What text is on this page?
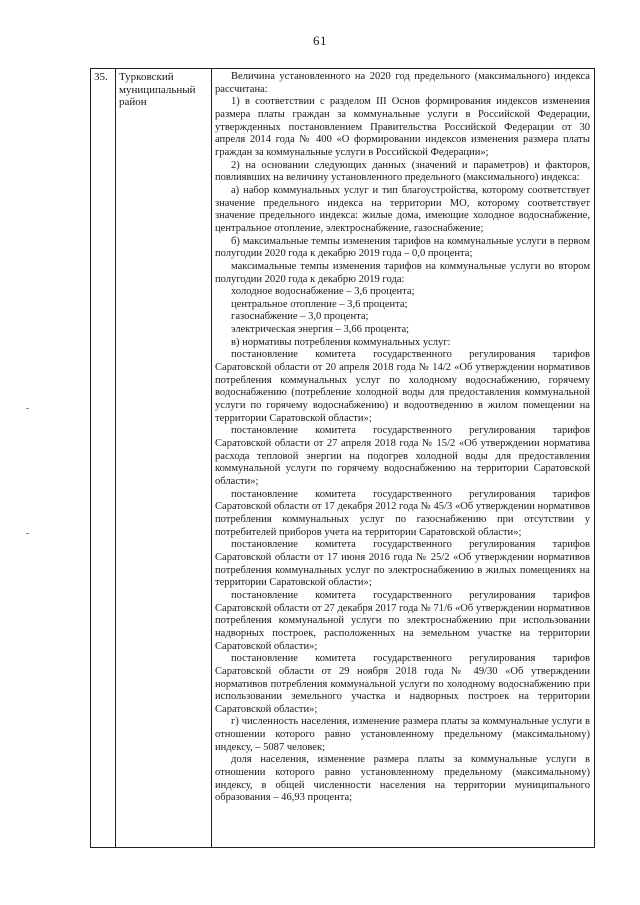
61
35.	Турковский муниципальный район

Величина установленного на 2020 год предельного (максимального) индекса рассчитана:

1) в соответствии с разделом III Основ формирования индексов изменения размера платы граждан за коммунальные услуги в Российской Федерации, утвержденных постановлением Правительства Российской Федерации от 30 апреля 2014 года № 400 «О формировании индексов изменения размера платы граждан за коммунальные услуги в Российской Федерации»;

2) на основании следующих данных (значений и параметров) и факторов, повлиявших на величину установленного предельного (максимального) индекса:

а) набор коммунальных услуг и тип благоустройства, которому соответствует значение предельного индекса на территории МО, которому соответствует значение предельного индекса: жилые дома, имеющие холодное водоснабжение, центральное отопление, электроснабжение, газоснабжение;

б) максимальные темпы изменения тарифов на коммунальные услуги в первом полугодии 2020 года к декабрю 2019 года – 0,0 процента;

максимальные темпы изменения тарифов на коммунальные услуги во втором полугодии 2020 года к декабрю 2019 года:

холодное водоснабжение – 3,6 процента;

центральное отопление – 3,6 процента;

газоснабжение – 3,0 процента;

электрическая энергия – 3,66 процента;

в) нормативы потребления коммунальных услуг:

постановление комитета государственного регулирования тарифов Саратовской области от 20 апреля 2018 года № 14/2 «Об утверждении нормативов потребления коммунальных услуг по холодному водоснабжению, горячему водоснабжению (потребление холодной воды для предоставления коммунальной услуги по горячему водоснабжению) и водоотведению в жилом помещении на территории Саратовской области»;

постановление комитета государственного регулирования тарифов Саратовской области от 27 апреля 2018 года № 15/2 «Об утверждении норматива расхода тепловой энергии на подогрев холодной воды для предоставления коммунальной услуги по горячему водоснабжению на территории Саратовской области»;

постановление комитета государственного регулирования тарифов Саратовской области от 17 декабря 2012 года № 45/3 «Об утверждении нормативов потребления коммунальных услуг по газоснабжению при отсутствии у потребителей приборов учета на территории Саратовской области»;

постановление комитета государственного регулирования тарифов Саратовской области от 17 июня 2016 года № 25/2 «Об утверждении нормативов потребления коммунальных услуг по электроснабжению в жилых помещениях на территории Саратовской области»;

постановление комитета государственного регулирования тарифов Саратовской области от 27 декабря 2017 года № 71/6 «Об утверждении нормативов потребления коммунальной услуги по электроснабжению при использовании надворных построек, расположенных на земельном участке на территории Саратовской области»;

постановление комитета государственного регулирования тарифов Саратовской области от 29 ноября 2018 года № 49/30 «Об утверждении нормативов потребления коммунальной услуги по холодному водоснабжению при использовании земельного участка и надворных построек на территории Саратовской области»;

г) численность населения, изменение размера платы за коммунальные услуги в отношении которого равно установленному предельному (максимальному) индексу, – 5087 человек;

доля населения, изменение размера платы за коммунальные услуги в отношении которого равно установленному предельному (максимальному) индексу, в общей численности населения на территории муниципального образования – 46,93 процента;
